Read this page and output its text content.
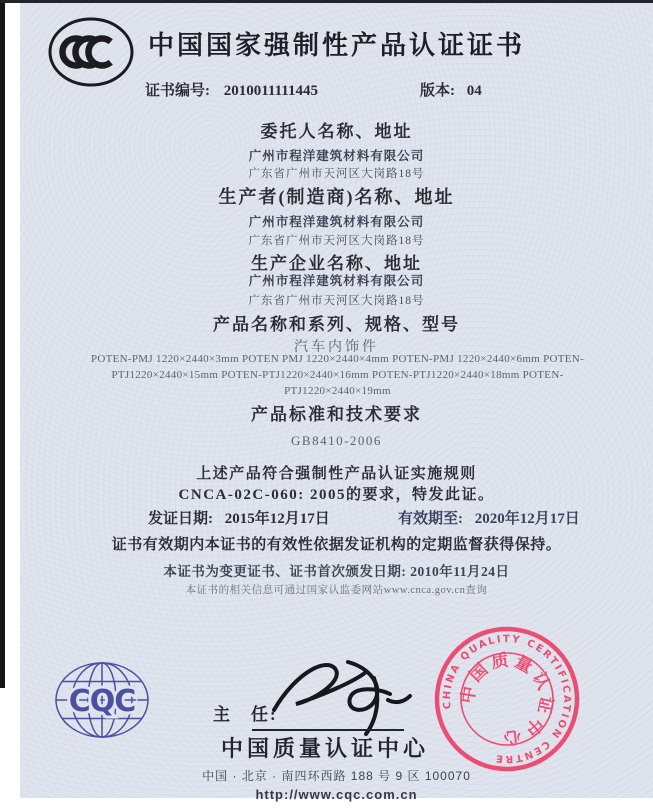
中国国家强制性产品认证证书
证书编号: 2010011111445	版本: 04
委托人名称、地址
广州市程洋建筑材料有限公司
广东省广州市天河区大岗路18号
生产者(制造商)名称、地址
广州市程洋建筑材料有限公司
广东省广州市天河区大岗路18号
生产企业名称、地址
广州市程洋建筑材料有限公司
广东省广州市天河区大岗路18号
产品名称和系列、规格、型号
汽车内饰件
POTEN-PMJ 1220×2440×3mm POTEN PMJ 1220×2440×4mm POTEN-PMJ 1220×2440×6mm POTEN-PTJ1220×2440×15mm POTEN-PTJ1220×2440×16mm POTEN-PTJ1220×2440×18mm POTEN-PTJ1220×2440×19mm
产品标准和技术要求
GB8410-2006
上述产品符合强制性产品认证实施规则
CNCA-02C-060: 2005的要求，特发此证。
发证日期: 2015年12月17日	有效期至: 2020年12月17日
证书有效期内本证书的有效性依据发证机构的定期监督获得保持。
本证书为变更证书、证书首次颁发日期: 2010年11月24日
本证书的相关信息可通过国家认监委网站www.cnca.gov.cn查询
CQC	主　任:
中国质量认证中心
中国 · 北京 · 南四环西路 188 号 9 区 100070
http://www.cqc.com.cn
CHINA QUALITY CERTIFICATION CENTRE
中国质量认证中心
